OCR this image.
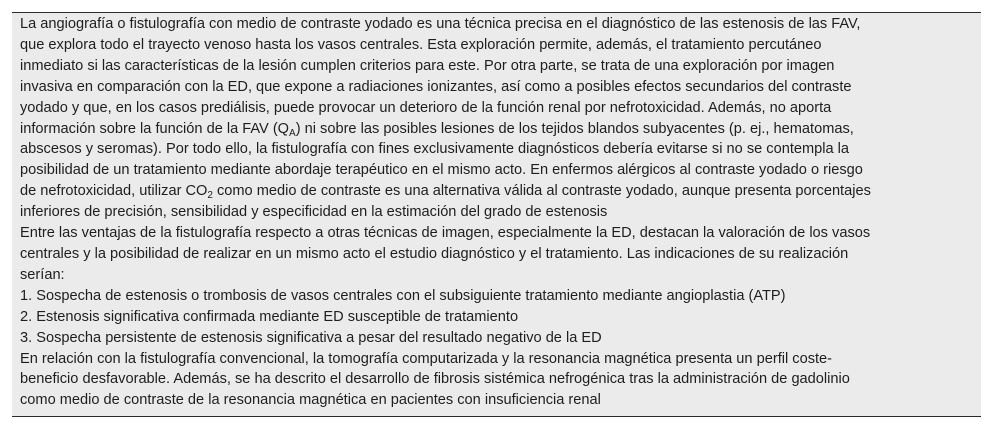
La angiografía o fistulografía con medio de contraste yodado es una técnica precisa en el diagnóstico de las estenosis de las FAV,

que explora todo el trayecto venoso hasta los vasos centrales. Esta exploración permite, además, el tratamiento percutáneo

inmediato si las características de la lesión cumplen criterios para este. Por otra parte, se trata de una exploración por imagen

invasiva en comparación con la ED, que expone a radiaciones ionizantes, así como a posibles efectos secundarios del contraste

yodado y que, en los casos prediálisis, puede provocar un deterioro de la función renal por nefrotoxicidad. Además, no aporta

información sobre la función de la FAV $(Q_A)$ ni sobre las posibles lesiones de los tejidos blandos subyacentes (p. ej., hematomas,

abscesos y seromas). Por todo ello, la fistulografía con fines exclusivamente diagnósticos debería evitarse si no se contempla la

posibilidad de un tratamiento mediante abordaje terapéutico en el mismo acto. En enfermos alérgicos al contraste yodado o riesgo

de nefrotoxicidad, utilizar $CO_2$ como medio de contraste es una alternativa válida al contraste yodado, aunque presenta porcentajes

inferiores de precisión, sensibilidad y especificidad en la estimación del grado de estenosis

Entre las ventajas de la fistulografía respecto a otras técnicas de imagen, especialmente la ED, destacan la valoración de los vasos

centrales y la posibilidad de realizar en un mismo acto el estudio diagnóstico y el tratamiento. Las indicaciones de su realización

serían:

1. Sospecha de estenosis o trombosis de vasos centrales con el subsiguiente tratamiento mediante angioplastia (ATP)

2. Estenosis significativa confirmada mediante ED susceptible de tratamiento

3. Sospecha persistente de estenosis significativa a pesar del resultado negativo de la ED

En relación con la fistulografía convencional, la tomografía computarizada y la resonancia magnética presenta un perfil coste-

beneficio desfavorable. Además, se ha descrito el desarrollo de fibrosis sistémica nefrogénica tras la administración de gadolinio

como medio de contraste de la resonancia magnética en pacientes con insuficiencia renal
